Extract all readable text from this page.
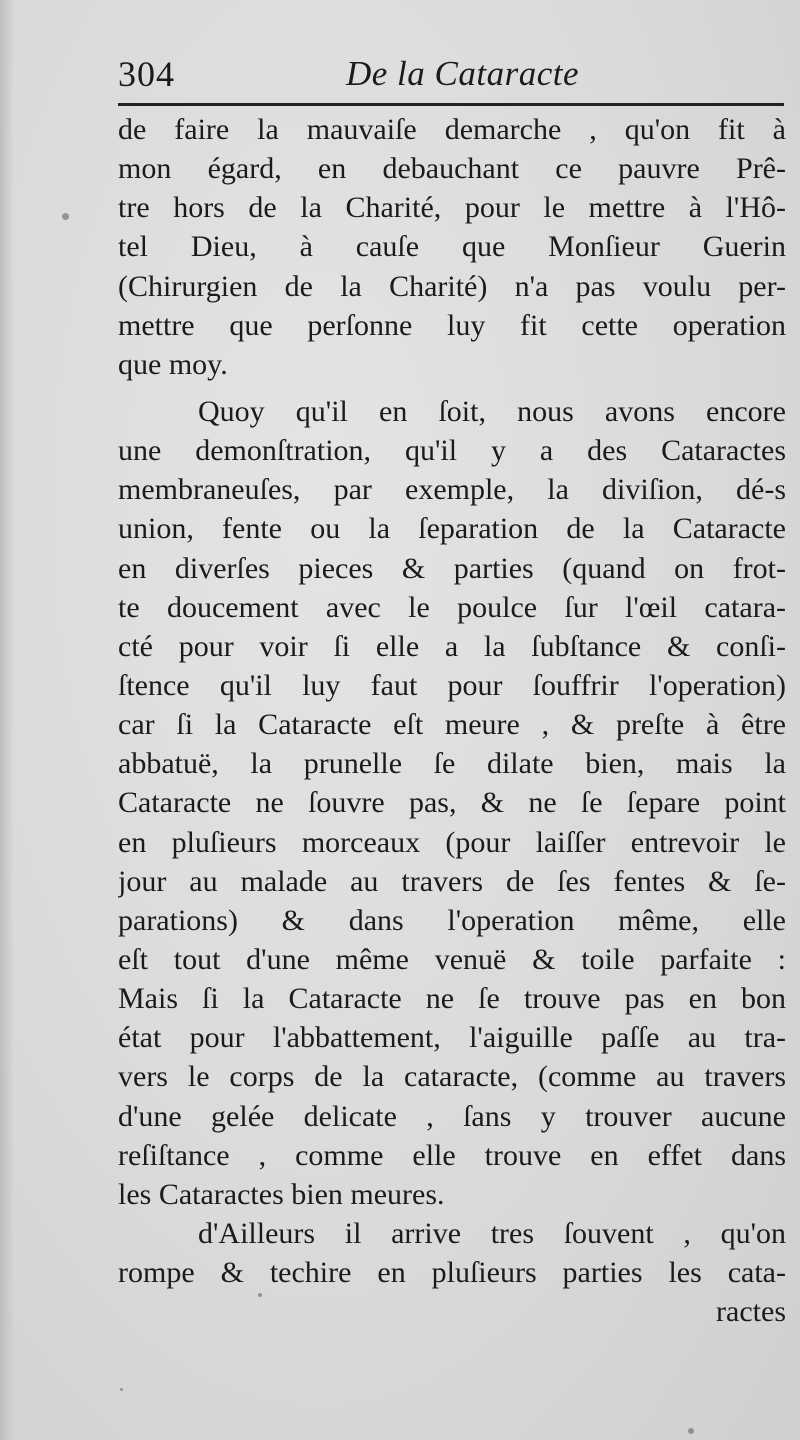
304	De la Cataracte
de faire la mauvaiſe demarche , qu'on fit à
mon égard, en debauchant ce pauvre Prê-
tre hors de la Charité, pour le mettre à l'Hô-
tel Dieu, à cauſe que Monſieur Guerin
(Chirurgien de la Charité) n'a pas voulu per-
mettre que perſonne luy fit cette operation
que moy.
Quoy qu'il en ſoit, nous avons encore
une demonſtration, qu'il y a des Cataractes
membraneuſes, par exemple, la diviſion, dé-s
union, fente ou la ſeparation de la Cataracte
en diverſes pieces & parties (quand on frot-
te doucement avec le poulce ſur l'œil catara-
cté pour voir ſi elle a la ſubſtance & conſi-
ſtence qu'il luy faut pour ſouffrir l'operation)
car ſi la Cataracte eſt meure , & preſte à être
abbatuë, la prunelle ſe dilate bien, mais la
Cataracte ne ſouvre pas, & ne ſe ſepare point
en pluſieurs morceaux (pour laiſſer entrevoir le
jour au malade au travers de ſes fentes & ſe-
parations) & dans l'operation même, elle
eſt tout d'une même venuë & toile parfaite :
Mais ſi la Cataracte ne ſe trouve pas en bon
état pour l'abbattement, l'aiguille paſſe au tra-
vers le corps de la cataracte, (comme au travers
d'une gelée delicate , ſans y trouver aucune
reſiſtance , comme elle trouve en effet dans
les Cataractes bien meures.
d'Ailleurs il arrive tres ſouvent , qu'on
rompe & techire en pluſieurs parties les cata-
ractes
